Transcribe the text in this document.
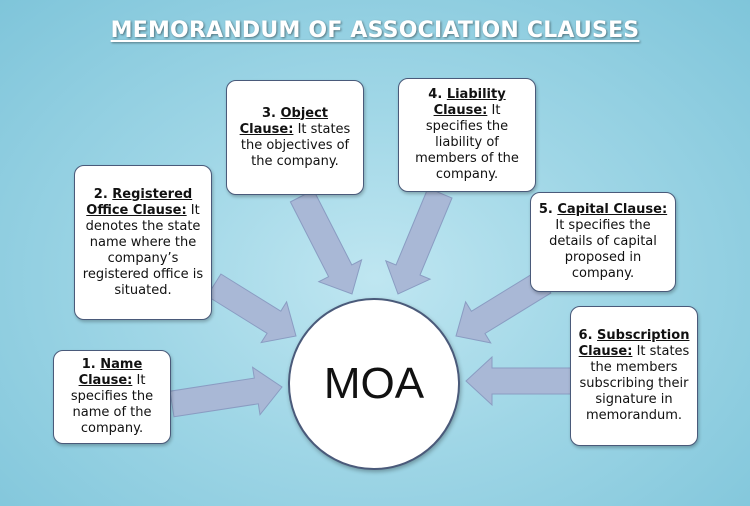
MEMORANDUM OF ASSOCIATION CLAUSES
1. Name Clause: It specifies the name of the company.
2. Registered Office Clause: It denotes the state name where the company’s registered office is situated.
3. Object Clause: It states the objectives of the company.
4. Liability Clause: It specifies the liability of members of the company.
5. Capital Clause: It specifies the details of capital proposed in company.
6. Subscription Clause: It states the members subscribing their signature in memorandum.
MOA
